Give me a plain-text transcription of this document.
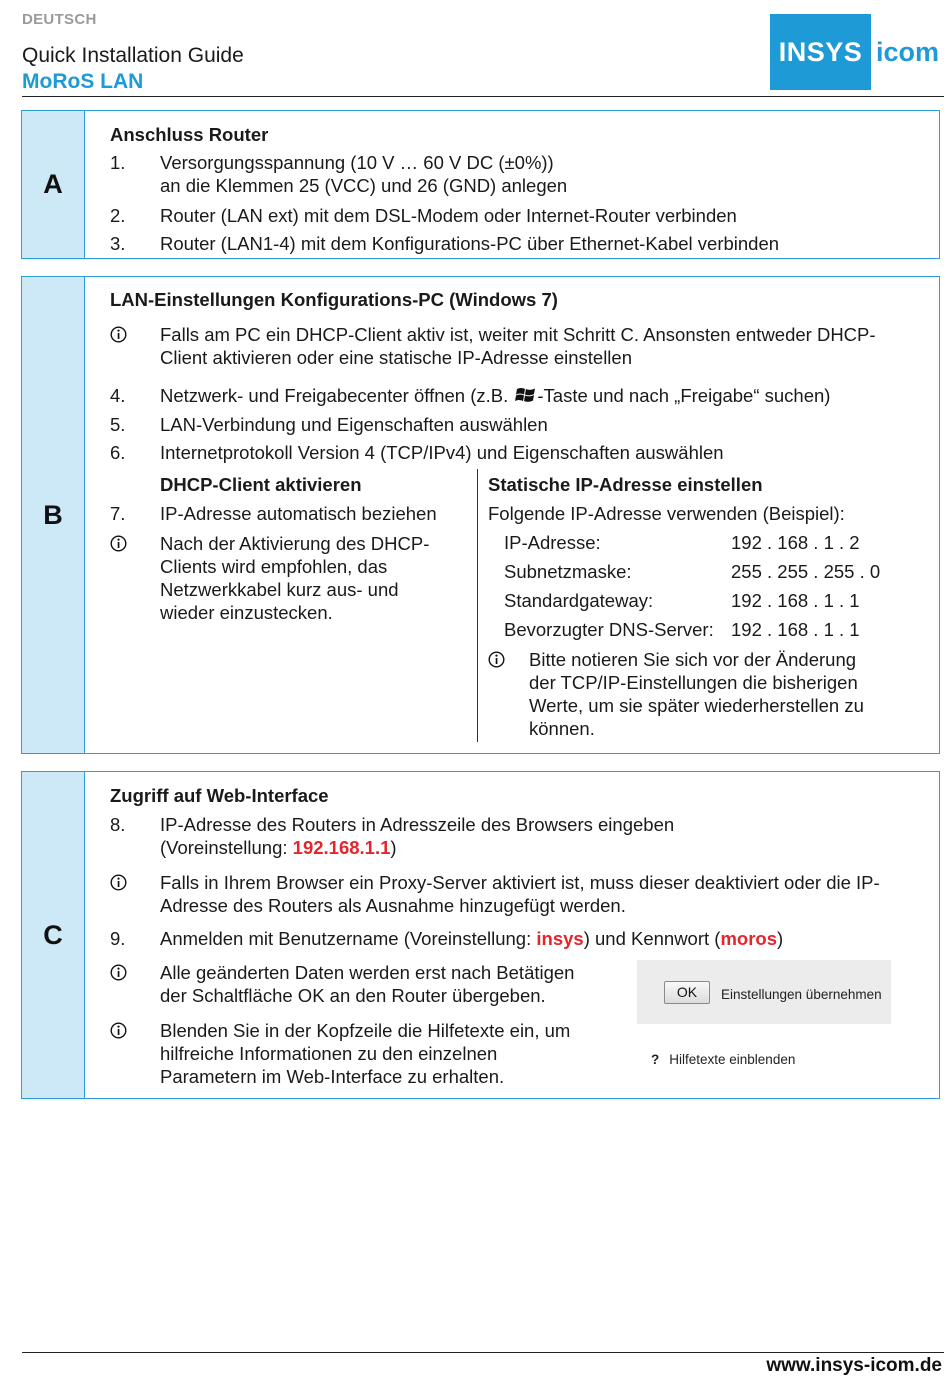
DEUTSCH
Quick Installation Guide
MoRoS LAN
INSYS icom
A
Anschluss Router
1. Versorgungsspannung (10 V … 60 V DC (±0%))
an die Klemmen 25 (VCC) und 26 (GND) anlegen
2. Router (LAN ext) mit dem DSL-Modem oder Internet-Router verbinden
3. Router (LAN1-4) mit dem Konfigurations-PC über Ethernet-Kabel verbinden
B
LAN-Einstellungen Konfigurations-PC (Windows 7)
Falls am PC ein DHCP-Client aktiv ist, weiter mit Schritt C. Ansonsten entweder DHCP-
Client aktivieren oder eine statische IP-Adresse einstellen
4. Netzwerk- und Freigabecenter öffnen (z.B. -Taste und nach „Freigabe“ suchen)
5. LAN-Verbindung und Eigenschaften auswählen
6. Internetprotokoll Version 4 (TCP/IPv4) und Eigenschaften auswählen
DHCP-Client aktivieren
7. IP-Adresse automatisch beziehen
Nach der Aktivierung des DHCP-
Clients wird empfohlen, das
Netzwerkkabel kurz aus- und
wieder einzustecken.
Statische IP-Adresse einstellen
Folgende IP-Adresse verwenden (Beispiel):
IP-Adresse:	192 . 168 . 1 . 2
Subnetzmaske:	255 . 255 . 255 . 0
Standardgateway:	192 . 168 . 1 . 1
Bevorzugter DNS-Server: 192 . 168 . 1 . 1
Bitte notieren Sie sich vor der Änderung
der TCP/IP-Einstellungen die bisherigen
Werte, um sie später wiederherstellen zu
können.
C
Zugriff auf Web-Interface
8. IP-Adresse des Routers in Adresszeile des Browsers eingeben
(Voreinstellung: 192.168.1.1)
Falls in Ihrem Browser ein Proxy-Server aktiviert ist, muss dieser deaktiviert oder die IP-
Adresse des Routers als Ausnahme hinzugefügt werden.
9. Anmelden mit Benutzername (Voreinstellung: insys) und Kennwort (moros)
Alle geänderten Daten werden erst nach Betätigen
der Schaltfläche OK an den Router übergeben.
Blenden Sie in der Kopfzeile die Hilfetexte ein, um
hilfreiche Informationen zu den einzelnen
Parametern im Web-Interface zu erhalten.
OK	Einstellungen übernehmen
? Hilfetexte einblenden
www.insys-icom.de
